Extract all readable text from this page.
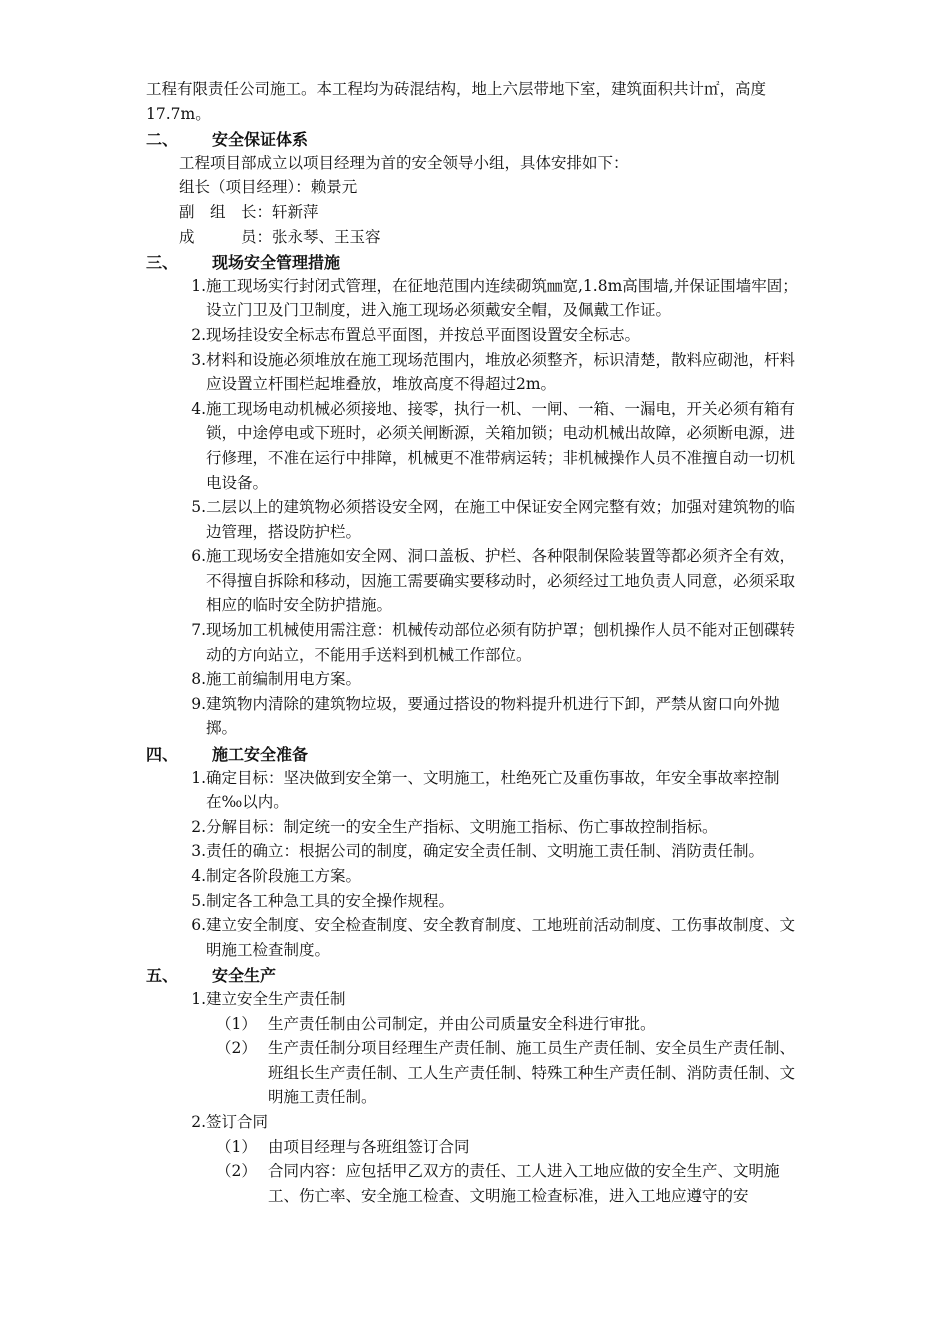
工程有限责任公司施工。本工程均为砖混结构，地上六层带地下室，建筑面积共计㎡，高度17.7m。

二、	安全保证体系

工程项目部成立以项目经理为首的安全领导小组，具体安排如下：

组长（项目经理）：赖景元

副　组　长：轩新萍

成　　　员：张永琴、王玉容

三、	现场安全管理措施
1. 施工现场实行封闭式管理，在征地范围内连续砌筑㎜宽,1.8m高围墙,并保证围墙牢固；设立门卫及门卫制度，进入施工现场必须戴安全帽，及佩戴工作证。
2. 现场挂设安全标志布置总平面图，并按总平面图设置安全标志。
3. 材料和设施必须堆放在施工现场范围内，堆放必须整齐，标识清楚，散料应砌池，杆料应设置立杆围栏起堆叠放，堆放高度不得超过2m。
4. 施工现场电动机械必须接地、接零，执行一机、一闸、一箱、一漏电，开关必须有箱有锁，中途停电或下班时，必须关闸断源，关箱加锁；电动机械出故障，必须断电源，进行修理，不准在运行中排障，机械更不准带病运转；非机械操作人员不准擅自动一切机电设备。
5. 二层以上的建筑物必须搭设安全网，在施工中保证安全网完整有效；加强对建筑物的临边管理，搭设防护栏。
6. 施工现场安全措施如安全网、洞口盖板、护栏、各种限制保险装置等都必须齐全有效，不得擅自拆除和移动，因施工需要确实要移动时，必须经过工地负责人同意，必须采取相应的临时安全防护措施。
7. 现场加工机械使用需注意：机械传动部位必须有防护罩；刨机操作人员不能对正刨碟转动的方向站立，不能用手送料到机械工作部位。
8. 施工前编制用电方案。
9. 建筑物内清除的建筑物垃圾，要通过搭设的物料提升机进行下卸，严禁从窗口向外抛掷。
四、	施工安全准备
1. 确定目标：坚决做到安全第一、文明施工，杜绝死亡及重伤事故，年安全事故率控制在‰以内。
2. 分解目标：制定统一的安全生产指标、文明施工指标、伤亡事故控制指标。
3. 责任的确立：根据公司的制度，确定安全责任制、文明施工责任制、消防责任制。
4. 制定各阶段施工方案。
5. 制定各工种急工具的安全操作规程。
6. 建立安全制度、安全检查制度、安全教育制度、工地班前活动制度、工伤事故制度、文明施工检查制度。
五、	安全生产
1. 建立安全生产责任制
（1） 生产责任制由公司制定，并由公司质量安全科进行审批。
（2） 生产责任制分项目经理生产责任制、施工员生产责任制、安全员生产责任制、班组长生产责任制、工人生产责任制、特殊工种生产责任制、消防责任制、文明施工责任制。
2. 签订合同
（1） 由项目经理与各班组签订合同
（2） 合同内容：应包括甲乙双方的责任、工人进入工地应做的安全生产、文明施工、伤亡率、安全施工检查、文明施工检查标准，进入工地应遵守的安
